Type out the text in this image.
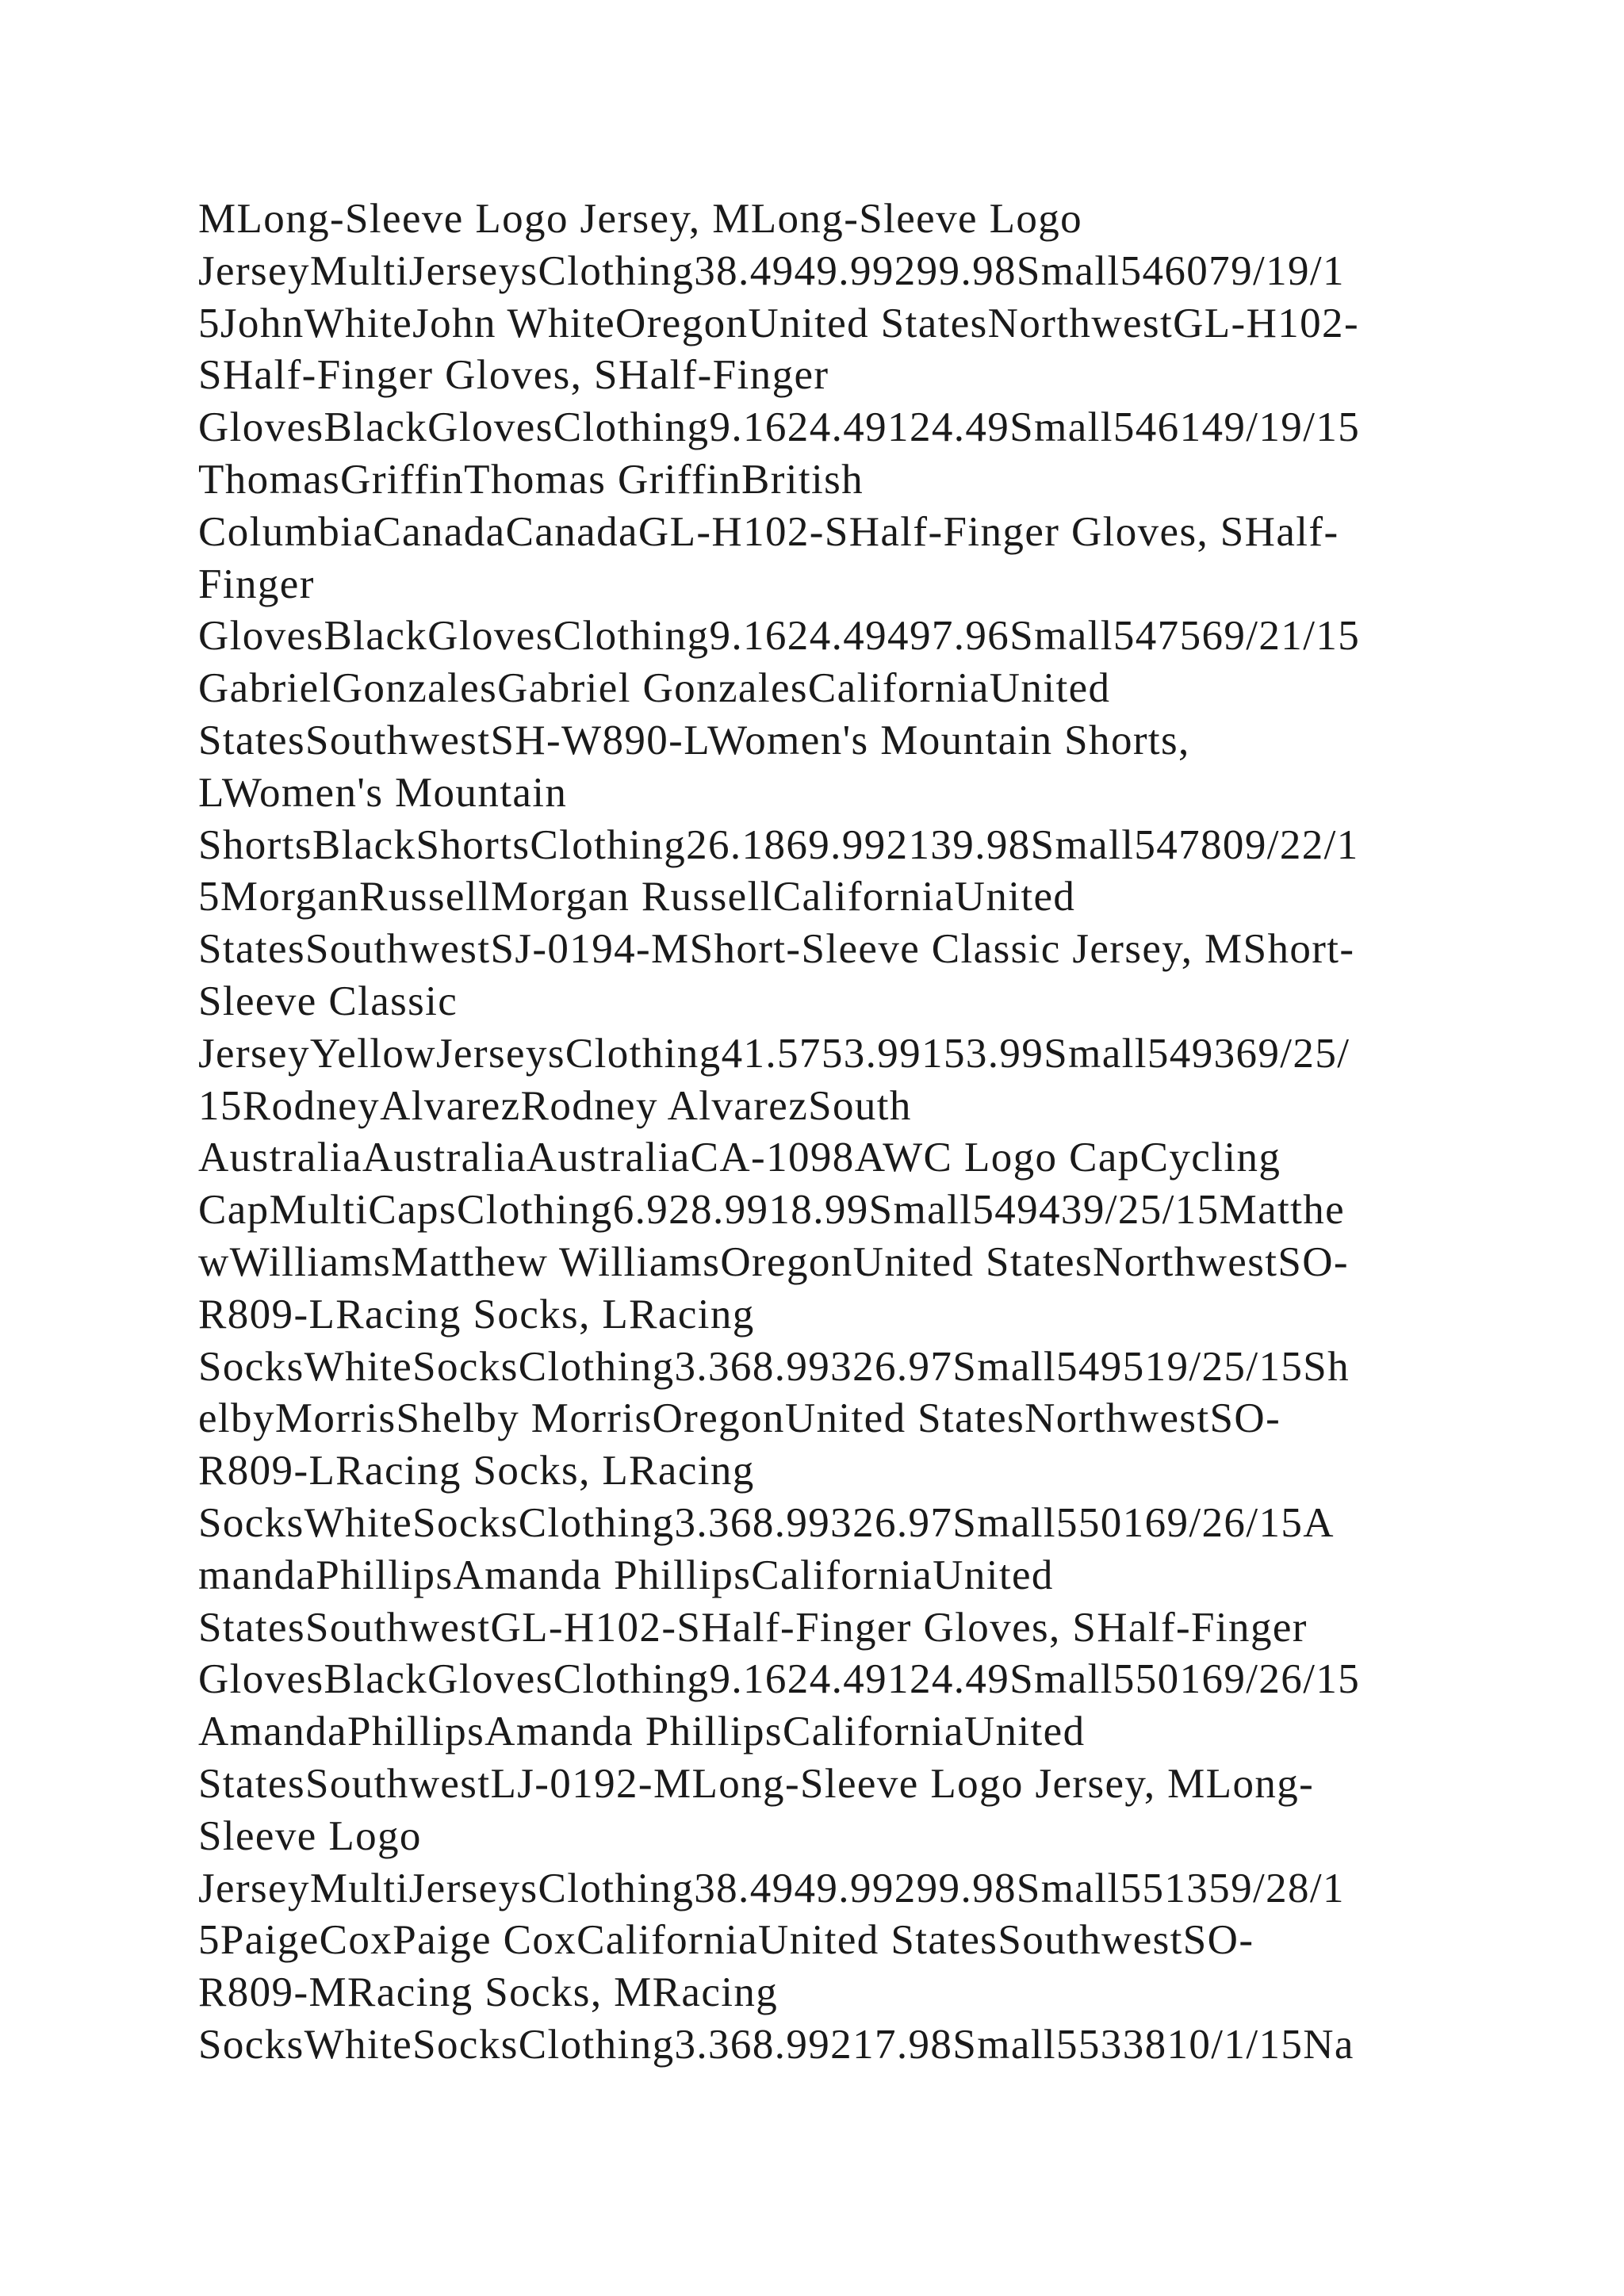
MLong-Sleeve Logo Jersey, MLong-Sleeve Logo
JerseyMultiJerseysClothing38.4949.99299.98Small546079/19/1
5JohnWhiteJohn WhiteOregonUnited StatesNorthwestGL-H102-
SHalf-Finger Gloves, SHalf-Finger
GlovesBlackGlovesClothing9.1624.49124.49Small546149/19/15
ThomasGriffinThomas GriffinBritish
ColumbiaCanadaCanadaGL-H102-SHalf-Finger Gloves, SHalf-
Finger
GlovesBlackGlovesClothing9.1624.49497.96Small547569/21/15
GabrielGonzalesGabriel GonzalesCaliforniaUnited
StatesSouthwestSH-W890-LWomen's Mountain Shorts,
LWomen's Mountain
ShortsBlackShortsClothing26.1869.992139.98Small547809/22/1
5MorganRussellMorgan RussellCaliforniaUnited
StatesSouthwestSJ-0194-MShort-Sleeve Classic Jersey, MShort-
Sleeve Classic
JerseyYellowJerseysClothing41.5753.99153.99Small549369/25/
15RodneyAlvarezRodney AlvarezSouth
AustraliaAustraliaAustraliaCA-1098AWC Logo CapCycling
CapMultiCapsClothing6.928.9918.99Small549439/25/15Matthe
wWilliamsMatthew WilliamsOregonUnited StatesNorthwestSO-
R809-LRacing Socks, LRacing
SocksWhiteSocksClothing3.368.99326.97Small549519/25/15Sh
elbyMorrisShelby MorrisOregonUnited StatesNorthwestSO-
R809-LRacing Socks, LRacing
SocksWhiteSocksClothing3.368.99326.97Small550169/26/15A
mandaPhillipsAmanda PhillipsCaliforniaUnited
StatesSouthwestGL-H102-SHalf-Finger Gloves, SHalf-Finger
GlovesBlackGlovesClothing9.1624.49124.49Small550169/26/15
AmandaPhillipsAmanda PhillipsCaliforniaUnited
StatesSouthwestLJ-0192-MLong-Sleeve Logo Jersey, MLong-
Sleeve Logo
JerseyMultiJerseysClothing38.4949.99299.98Small551359/28/1
5PaigeCoxPaige CoxCaliforniaUnited StatesSouthwestSO-
R809-MRacing Socks, MRacing
SocksWhiteSocksClothing3.368.99217.98Small5533810/1/15Na
